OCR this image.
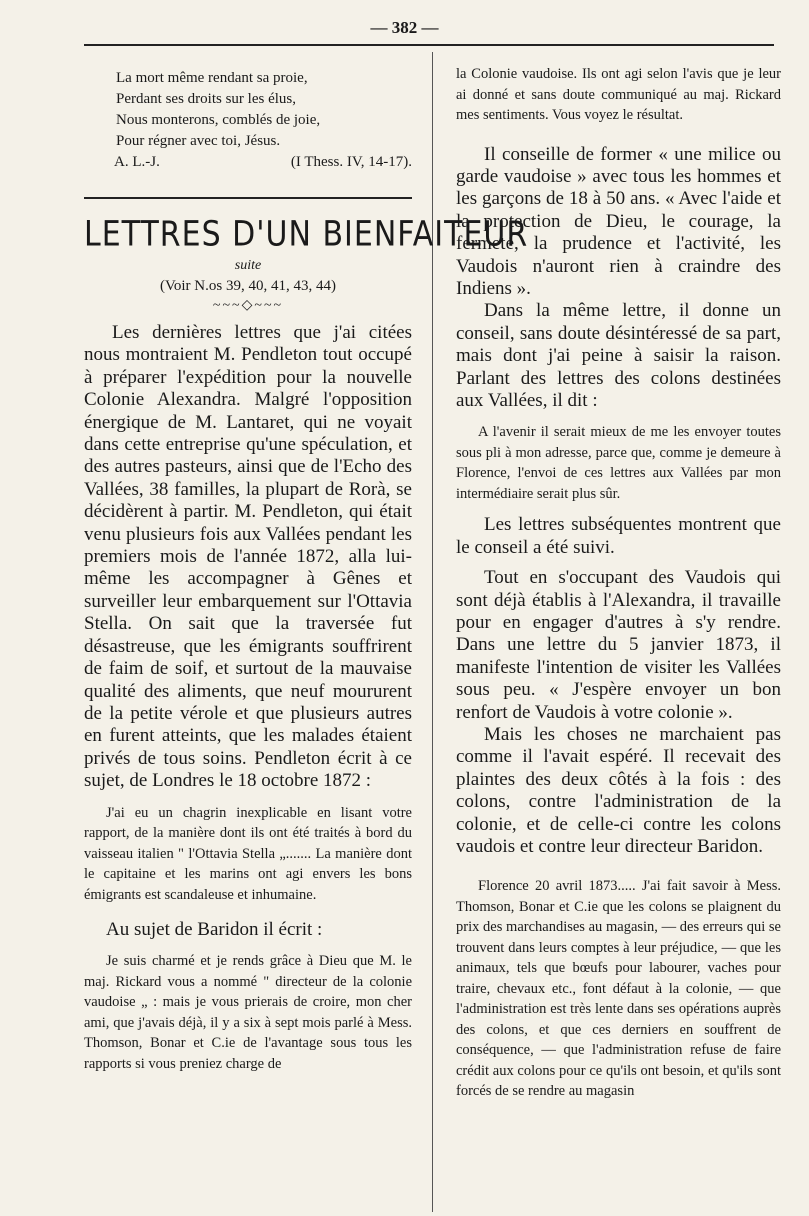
— 382 —
La mort même rendant sa proie,
Perdant ses droits sur les élus,
Nous monterons, comblés de joie,
Pour régner avec toi, Jésus.
A. L.-J.	(I Thess. IV, 14-17).
LETTRES D'UN BIENFAITEUR
suite
(Voir N.os 39, 40, 41, 43, 44)
~~~◇~~~

Les dernières lettres que j'ai citées nous montraient M. Pendleton tout occupé à préparer l'expédition pour la nouvelle Colonie Alexandra. Malgré l'opposition énergique de M. Lantaret, qui ne voyait dans cette entreprise qu'une spéculation, et des autres pasteurs, ainsi que de l'Echo des Vallées, 38 familles, la plupart de Rorà, se décidèrent à partir. M. Pendleton, qui était venu plusieurs fois aux Vallées pendant les premiers mois de l'année 1872, alla lui-même les accompagner à Gênes et surveiller leur embarquement sur l'Ottavia Stella. On sait que la traversée fut désastreuse, que les émigrants souffrirent de faim de soif, et surtout de la mauvaise qualité des aliments, que neuf moururent de la petite vérole et que plusieurs autres en furent atteints, que les malades étaient privés de tous soins. Pendleton écrit à ce sujet, de Londres le 18 octobre 1872 :

J'ai eu un chagrin inexplicable en lisant votre rapport, de la manière dont ils ont été traités à bord du vaisseau italien " l'Ottavia Stella „....... La manière dont le capitaine et les marins ont agi envers les bons émigrants est scandaleuse et inhumaine.

Au sujet de Baridon il écrit :

Je suis charmé et je rends grâce à Dieu que M. le maj. Rickard vous a nommé " directeur de la colonie vaudoise „ : mais je vous prierais de croire, mon cher ami, que j'avais déjà, il y a six à sept mois parlé à Mess. Thomson, Bonar et C.ie de l'avantage sous tous les rapports si vous preniez charge de

la Colonie vaudoise. Ils ont agi selon l'avis que je leur ai donné et sans doute communiqué au maj. Rickard mes sentiments. Vous voyez le résultat.

Il conseille de former « une milice ou garde vaudoise » avec tous les hommes et les garçons de 18 à 50 ans. « Avec l'aide et la protection de Dieu, le courage, la fermeté, la prudence et l'activité, les Vaudois n'auront rien à craindre des Indiens ».

Dans la même lettre, il donne un conseil, sans doute désintéressé de sa part, mais dont j'ai peine à saisir la raison. Parlant des lettres des colons destinées aux Vallées, il dit :

A l'avenir il serait mieux de me les envoyer toutes sous pli à mon adresse, parce que, comme je demeure à Florence, l'envoi de ces lettres aux Vallées par mon intermédiaire serait plus sûr.

Les lettres subséquentes montrent que le conseil a été suivi.

Tout en s'occupant des Vaudois qui sont déjà établis à l'Alexandra, il travaille pour en engager d'autres à s'y rendre. Dans une lettre du 5 janvier 1873, il manifeste l'intention de visiter les Vallées sous peu. « J'espère envoyer un bon renfort de Vaudois à votre colonie ».

Mais les choses ne marchaient pas comme il l'avait espéré. Il recevait des plaintes des deux côtés à la fois : des colons, contre l'administration de la colonie, et de celle-ci contre les colons vaudois et contre leur directeur Baridon.

Florence 20 avril 1873..... J'ai fait savoir à Mess. Thomson, Bonar et C.ie que les colons se plaignent du prix des marchandises au magasin, — des erreurs qui se trouvent dans leurs comptes à leur préjudice, — que les animaux, tels que bœufs pour labourer, vaches pour traire, chevaux etc., font défaut à la colonie, — que l'administration est très lente dans ses opérations auprès des colons, et que ces derniers en souffrent de conséquence, — que l'administration refuse de faire crédit aux colons pour ce qu'ils ont besoin, et qu'ils sont forcés de se rendre au magasin
